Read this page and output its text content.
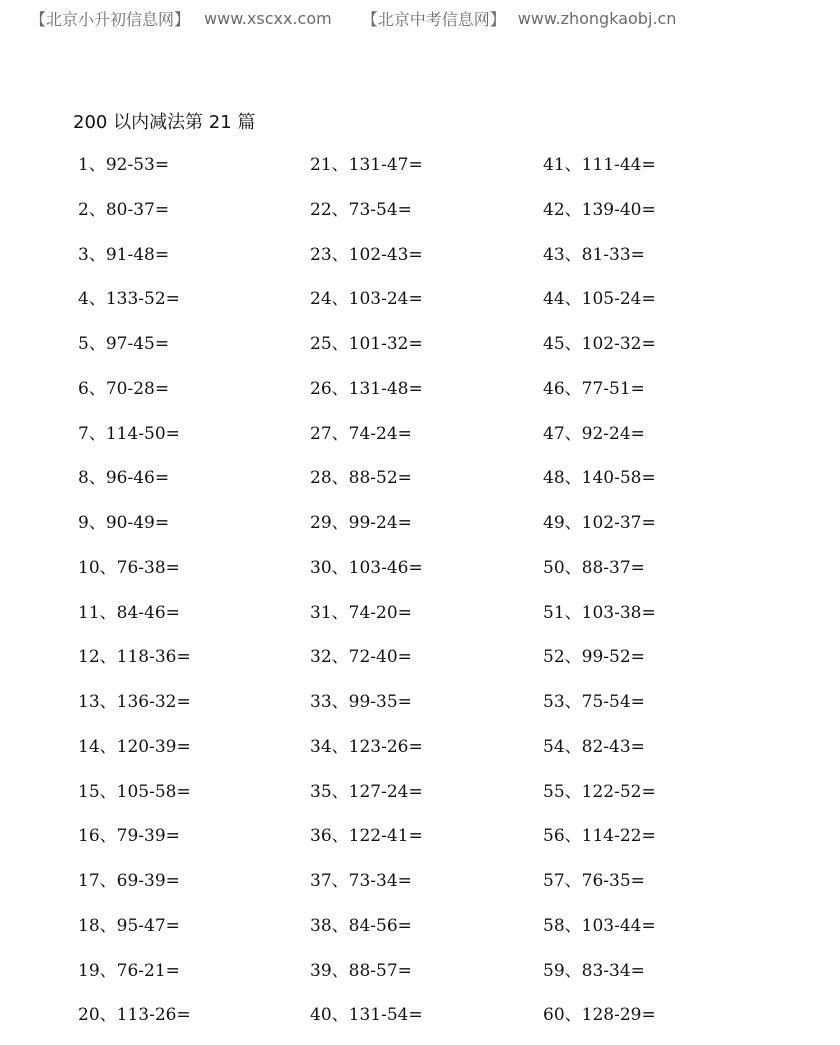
【北京小升初信息网】 www.xscxx.com 【北京中考信息网】 www.zhongkaobj.cn
200 以内减法第 21 篇
1、92-53=
2、80-37=
3、91-48=
4、133-52=
5、97-45=
6、70-28=
7、114-50=
8、96-46=
9、90-49=
10、76-38=
11、84-46=
12、118-36=
13、136-32=
14、120-39=
15、105-58=
16、79-39=
17、69-39=
18、95-47=
19、76-21=
20、113-26=
21、131-47=
22、73-54=
23、102-43=
24、103-24=
25、101-32=
26、131-48=
27、74-24=
28、88-52=
29、99-24=
30、103-46=
31、74-20=
32、72-40=
33、99-35=
34、123-26=
35、127-24=
36、122-41=
37、73-34=
38、84-56=
39、88-57=
40、131-54=
41、111-44=
42、139-40=
43、81-33=
44、105-24=
45、102-32=
46、77-51=
47、92-24=
48、140-58=
49、102-37=
50、88-37=
51、103-38=
52、99-52=
53、75-54=
54、82-43=
55、122-52=
56、114-22=
57、76-35=
58、103-44=
59、83-34=
60、128-29=
